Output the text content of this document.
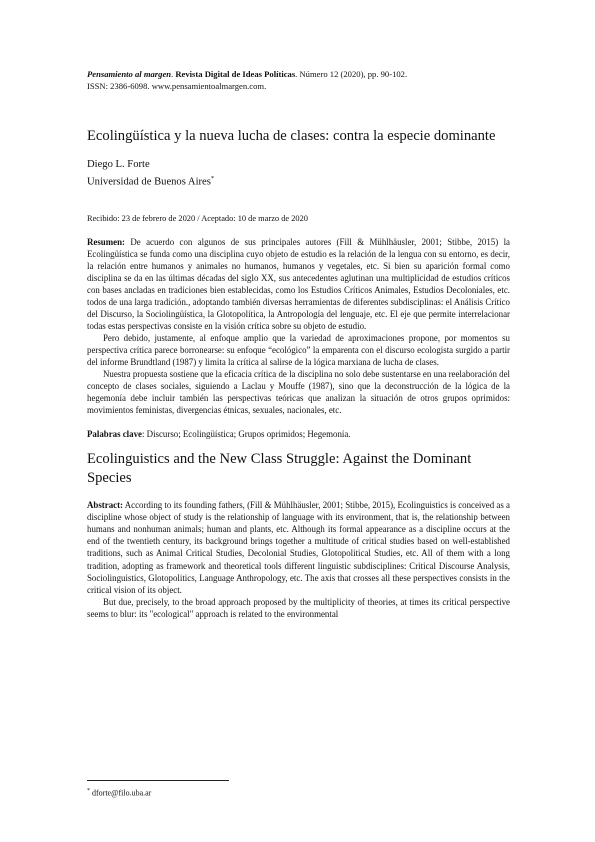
Pensamiento al margen. Revista Digital de Ideas Políticas. Número 12 (2020), pp. 90-102.
ISSN: 2386-6098. www.pensamientoalmargen.com.
Ecolingüística y la nueva lucha de clases: contra la especie dominante
Diego L. Forte
Universidad de Buenos Aires*
Recibido: 23 de febrero de 2020 / Aceptado: 10 de marzo de 2020

Resumen: De acuerdo con algunos de sus principales autores (Fill & Mühlhäusler, 2001; Stibbe, 2015) la Ecolingüística se funda como una disciplina cuyo objeto de estudio es la relación de la lengua con su entorno, es decir, la relación entre humanos y animales no humanos, humanos y vegetales, etc. Si bien su aparición formal como disciplina se da en las últimas décadas del siglo XX, sus antecedentes aglutinan una multiplicidad de estudios críticos con bases ancladas en tradiciones bien establecidas, como los Estudios Críticos Animales, Estudios Decoloniales, etc. todos de una larga tradición., adoptando también diversas herramientas de diferentes subdisciplinas: el Análisis Crítico del Discurso, la Sociolingüística, la Glotopolítica, la Antropología del lenguaje, etc. El eje que permite interrelacionar todas estas perspectivas consiste en la visión crítica sobre su objeto de estudio.

Pero debido, justamente, al enfoque amplio que la variedad de aproximaciones propone, por momentos su perspectiva crítica parece borronearse: su enfoque “ecológico” la emparenta con el discurso ecologista surgido a partir del informe Brundtland (1987) y limita la crítica al salirse de la lógica marxiana de lucha de clases.

Nuestra propuesta sostiene que la eficacia crítica de la disciplina no solo debe sustentarse en una reelaboración del concepto de clases sociales, siguiendo a Laclau y Mouffe (1987), sino que la deconstrucción de la lógica de la hegemonía debe incluir también las perspectivas teóricas que analizan la situación de otros grupos oprimidos: movimientos feministas, divergencias étnicas, sexuales, nacionales, etc.

Palabras clave: Discurso; Ecolingüística; Grupos oprimidos; Hegemonía.

Ecolinguistics and the New Class Struggle: Against the Dominant Species

Abstract: According to its founding fathers, (Fill & Mühlhäusler, 2001; Stibbe, 2015), Ecolinguistics is conceived as a discipline whose object of study is the relationship of language with its environment, that is, the relationship between humans and nonhuman animals; human and plants, etc. Although its formal appearance as a discipline occurs at the end of the twentieth century, its background brings together a multitude of critical studies based on well-established traditions, such as Animal Critical Studies, Decolonial Studies, Glotopolitical Studies, etc. All of them with a long tradition, adopting as framework and theoretical tools different linguistic subdisciplines: Critical Discourse Analysis, Sociolinguistics, Glotopolitics, Language Anthropology, etc. The axis that crosses all these perspectives consists in the critical vision of its object.

But due, precisely, to the broad approach proposed by the multiplicity of theories, at times its critical perspective seems to blur: its "ecological" approach is related to the environmental

* dforte@filo.uba.ar
